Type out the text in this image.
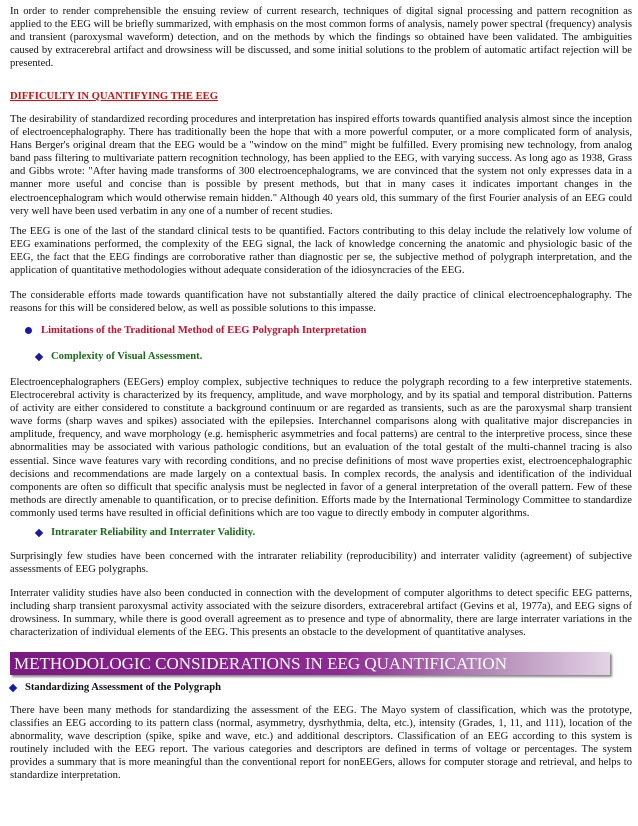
In order to render comprehensible the ensuing review of current research, techniques of digital signal processing and pattern recognition as applied to the EEG will be briefly summarized, with emphasis on the most common forms of analysis, namely power spectral (frequency) analysis and transient (paroxysmal waveform) detection, and on the methods by which the findings so obtained have been validated. The ambiguities caused by extracerebral artifact and drowsiness will be discussed, and some initial solutions to the problem of automatic artifact rejection will be presented.

DIFFICULTY IN QUANTIFYING THE EEG

The desirability of standardized recording procedures and interpretation has inspired efforts towards quantified analysis almost since the inception of electroencephalography. There has traditionally been the hope that with a more powerful computer, or a more complicated form of analysis, Hans Berger's original dream that the EEG would be a "window on the mind" might be fulfilled. Every promising new technology, from analog band pass filtering to multivariate pattern recognition technology, has been applied to the EEG, with varying success. As long ago as 1938, Grass and Gibbs wrote: "After having made transforms of 300 electroencephalograms, we are convinced that the system not only expresses data in a manner more useful and concise than is possible by present methods, but that in many cases it indicates important changes in the electroencephalogram which would otherwise remain hidden." Although 40 years old, this summary of the first Fourier analysis of an EEG could very well have been used verbatim in any one of a number of recent studies.

The EEG is one of the last of the standard clinical tests to be quantified. Factors contributing to this delay include the relatively low volume of EEG examinations performed, the complexity of the EEG signal, the lack of knowledge concerning the anatomic and physiologic basic of the EEG, the fact that the EEG findings are corroborative rather than diagnostic per se, the subjective method of polygraph interpretation, and the application of quantitative methodologies without adequate consideration of the idiosyncracies of the EEG.

The considerable efforts made towards quantification have not substantially altered the daily practice of clinical electroencephalography. The reasons for this will be considered below, as well as possible solutions to this impasse.

Limitations of the Traditional Method of EEG Polygraph Interpretation
Complexity of Visual Assessment.

Electroencephalographers (EEGers) employ complex, subjective techniques to reduce the polygraph recording to a few interpretive statements. Electrocerebral activity is characterized by its frequency, amplitude, and wave morphology, and by its spatial and temporal distribution. Patterns of activity are either considered to constitute a background continuum or are regarded as transients, such as are the paroxysmal sharp transient wave forms (sharp waves and spikes) associated with the epilepsies. Interchannel comparisons along with qualitative major discrepancies in amplitude, frequency, and wave morphology (e.g. hemispheric asymmetries and focal patterns) are central to the interpretive process, since these abnormalities may be associated with various pathologic conditions, but an evaluation of the total gestalt of the multi-channel tracing is also essential. Since wave features vary with recording conditions, and no precise definitions of most wave properties exist, electroencephalographic decisions and recommendations are made largely on a contextual basis. In complex records, the analysis and identification of the individual components are often so difficult that specific analysis must be neglected in favor of a general interpretation of the overall pattern. Few of these methods are directly amenable to quantification, or to precise definition. Efforts made by the International Terminology Committee to standardize commonly used terms have resulted in official definitions which are too vague to directly embody in computer algorithms.

Intrarater Reliability and Interrater Validity.

Surprisingly few studies have been concerned with the intrarater reliability (reproducibility) and interrater validity (agreement) of subjective assessments of EEG polygraphs.

Interrater validity studies have also been conducted in connection with the development of computer algorithms to detect specific EEG patterns, including sharp transient paroxysmal activity associated with the seizure disorders, extracerebral artifact (Gevins et al, 1977a), and EEG signs of drowsiness. In summary, while there is good overall agreement as to presence and type of abnormality, there are large interrater variations in the characterization of individual elements of the EEG. This presents an obstacle to the development of quantitative analyses.

METHODOLOGIC CONSIDERATIONS IN EEG QUANTIFICATION
Standardizing Assessment of the Polygraph

There have been many methods for standardizing the assessment of the EEG. The Mayo system of classification, which was the prototype, classifies an EEG according to its pattern class (normal, asymmetry, dysrhythmia, delta, etc.), intensity (Grades, 1, 11, and 111), location of the abnormality, wave description (spike, spike and wave, etc.) and additional descriptors. Classification of an EEG according to this system is routinely included with the EEG report. The various categories and descriptors are defined in terms of voltage or percentages. The system provides a summary that is more meaningful than the conventional report for nonEEGers, allows for computer storage and retrieval, and helps to standardize interpretation.
